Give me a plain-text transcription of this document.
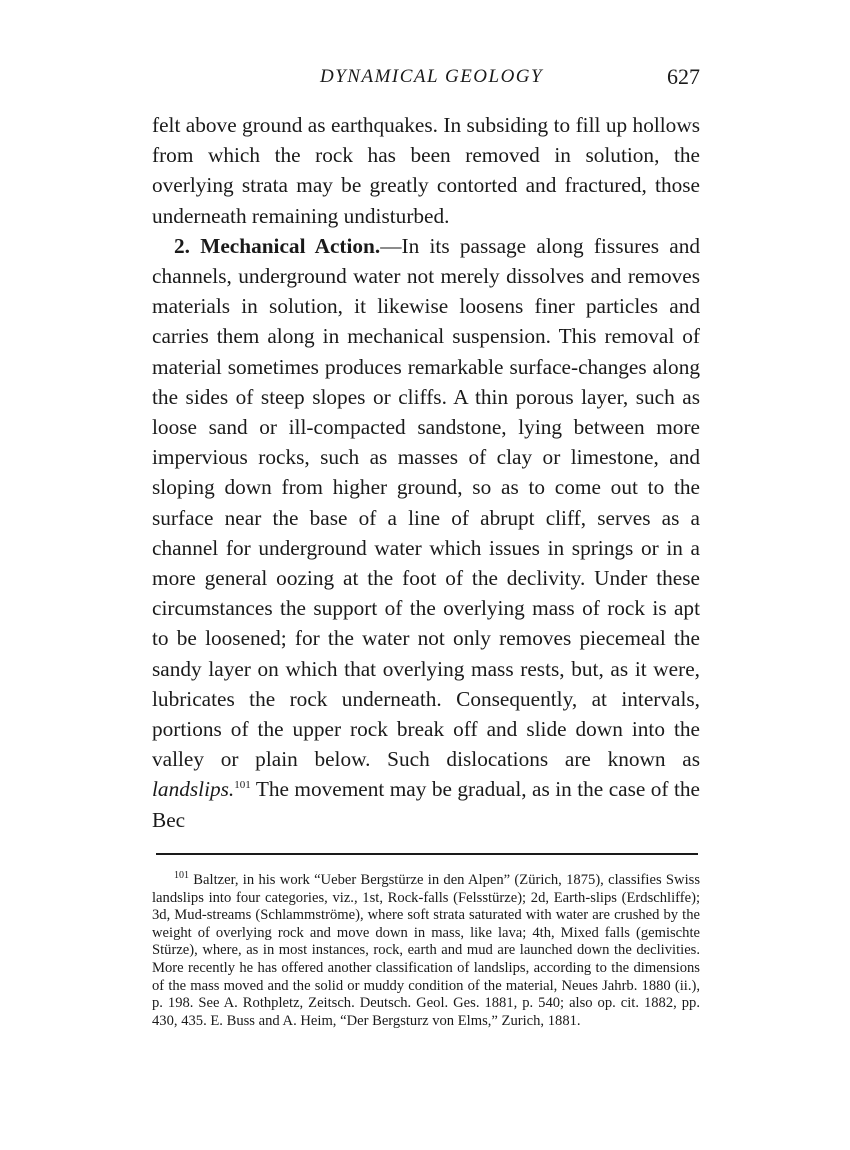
DYNAMICAL GEOLOGY	627

felt above ground as earthquakes. In subsiding to fill up hollows from which the rock has been removed in solution, the overlying strata may be greatly contorted and fractured, those underneath remaining undisturbed.

2. Mechanical Action.—In its passage along fissures and channels, underground water not merely dissolves and removes materials in solution, it likewise loosens finer particles and carries them along in mechanical suspension. This removal of material sometimes produces remarkable surface-changes along the sides of steep slopes or cliffs. A thin porous layer, such as loose sand or ill-compacted sandstone, lying between more impervious rocks, such as masses of clay or limestone, and sloping down from higher ground, so as to come out to the surface near the base of a line of abrupt cliff, serves as a channel for underground water which issues in springs or in a more general oozing at the foot of the declivity. Under these circumstances the support of the overlying mass of rock is apt to be loosened; for the water not only removes piecemeal the sandy layer on which that overlying mass rests, but, as it were, lubricates the rock underneath. Consequently, at intervals, portions of the upper rock break off and slide down into the valley or plain below. Such dislocations are known as landslips.$^{101}$ The movement may be gradual, as in the case of the Bec

$^{101}$ Baltzer, in his work “Ueber Bergstürze in den Alpen” (Zürich, 1875), classifies Swiss landslips into four categories, viz., 1st, Rock-falls (Felsstürze); 2d, Earth-slips (Erdschliffe); 3d, Mud-streams (Schlammströme), where soft strata saturated with water are crushed by the weight of overlying rock and move down in mass, like lava; 4th, Mixed falls (gemischte Stürze), where, as in most instances, rock, earth and mud are launched down the declivities. More recently he has offered another classification of landslips, according to the dimensions of the mass moved and the solid or muddy condition of the material, Neues Jahrb. 1880 (ii.), p. 198. See A. Rothpletz, Zeitsch. Deutsch. Geol. Ges. 1881, p. 540; also op. cit. 1882, pp. 430, 435. E. Buss and A. Heim, “Der Bergsturz von Elms,” Zurich, 1881.
